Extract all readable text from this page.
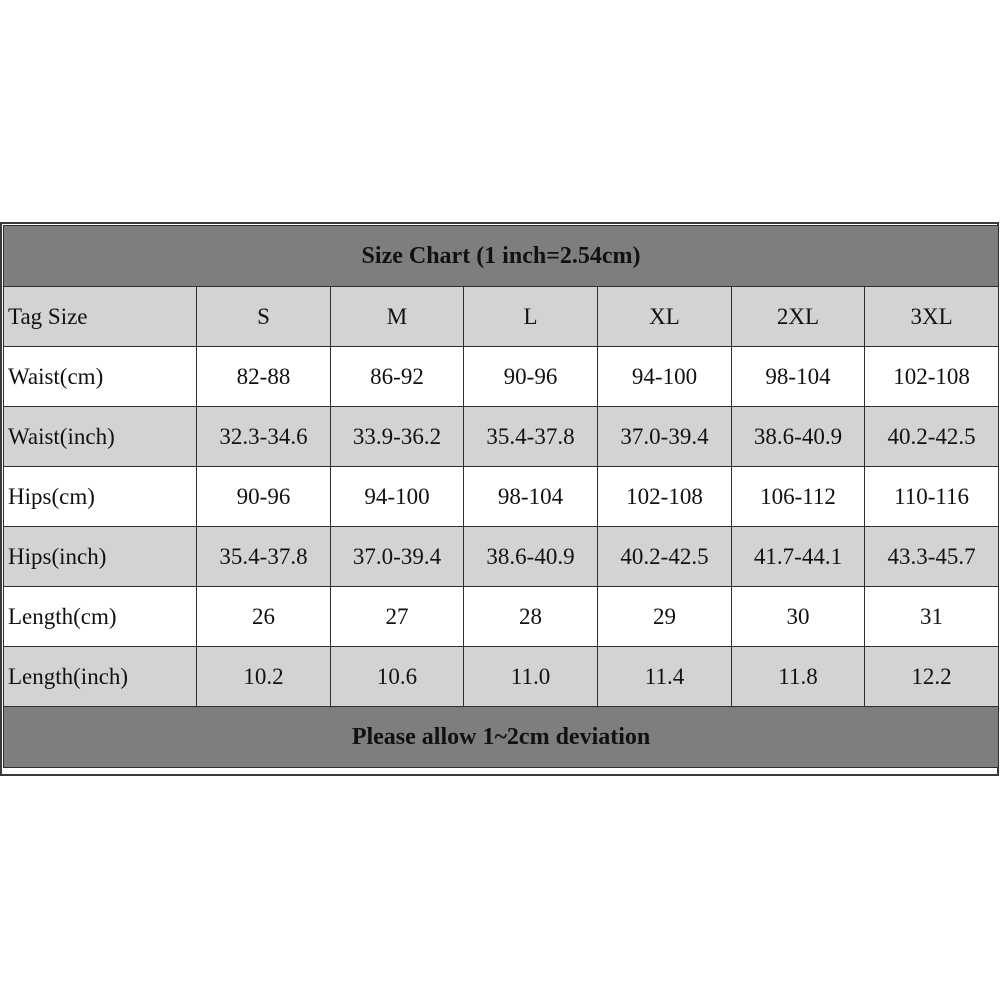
Size Chart (1 inch=2.54cm)						
Tag Size	S	M	L	XL	2XL	3XL
Waist(cm)	82-88	86-92	90-96	94-100	98-104	102-108
Waist(inch)	32.3-34.6	33.9-36.2	35.4-37.8	37.0-39.4	38.6-40.9	40.2-42.5
Hips(cm)	90-96	94-100	98-104	102-108	106-112	110-116
Hips(inch)	35.4-37.8	37.0-39.4	38.6-40.9	40.2-42.5	41.7-44.1	43.3-45.7
Length(cm)	26	27	28	29	30	31
Length(inch)	10.2	10.6	11.0	11.4	11.8	12.2
Please allow 1~2cm deviation						
